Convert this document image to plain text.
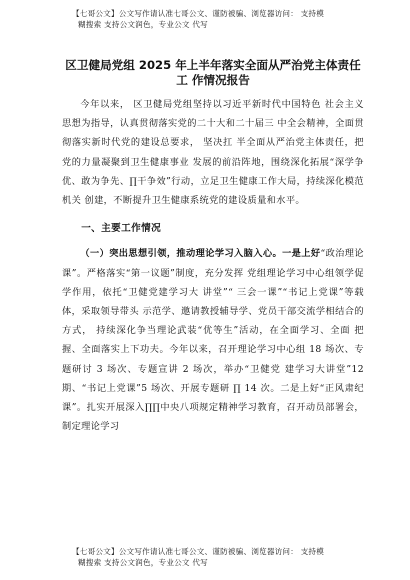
【七哥公文】公文写作请认准七哥公文、谨防被骗、浏览器访问： 支持模
糊搜索 支持公文润色，专业公文 代写
区卫健局党组 2025 年上半年落实全面从严治党主体责任
工 作情况报告

今年以来， 区卫健局党组坚持以习近平新时代中国特色 社会主义思想为指导，认真贯彻落实党的二十大和二十届三 中全会精神，全面贯彻落实新时代党的建设总要求， 坚决扛 半全面从严治党主体责任，把党的力量凝聚到卫生健康事业 发展的前沿阵地，围绕深化拓展“深学争优、敢为争先、∏干争效”行动，立足卫生健康工作大局，持续深化模范机关 创建，不断提升卫生健康系统党的建设质量和水平。

一、主要工作情况

（一）突出思想引领，推动理论学习入脑入心。一是上好“政治理论课”。严格落实“第一议题”制度，充分发挥 党组理论学习中心组领学促学作用，依托“卫健党建学习大 讲堂”“ 三会一课”“书记上党课”等载体，采取领导带头 示范学、邀请教授辅导学、党员干部交流学相结合的方式， 持续深化争当理论武装“优等生”活动，在全面学习、全面 把握、全面落实上下功夫。今年以来，召开理论学习中心组 18 场次、专题研讨 3 场次、专题宣讲 2 场次，举办“卫健党 建学习大讲堂”12 期、“书记上党课”5 场次、开展专题研 ∏ 14 次。二是上好“正风肃纪课”。扎实开展深入∏∏中央八项规定精神学习教育，召开动员部署会，制定理论学习

【七哥公文】公文写作请认准七哥公文、谨防被骗、浏览器访问： 支持模
糊搜索 支持公文润色，专业公文 代写
